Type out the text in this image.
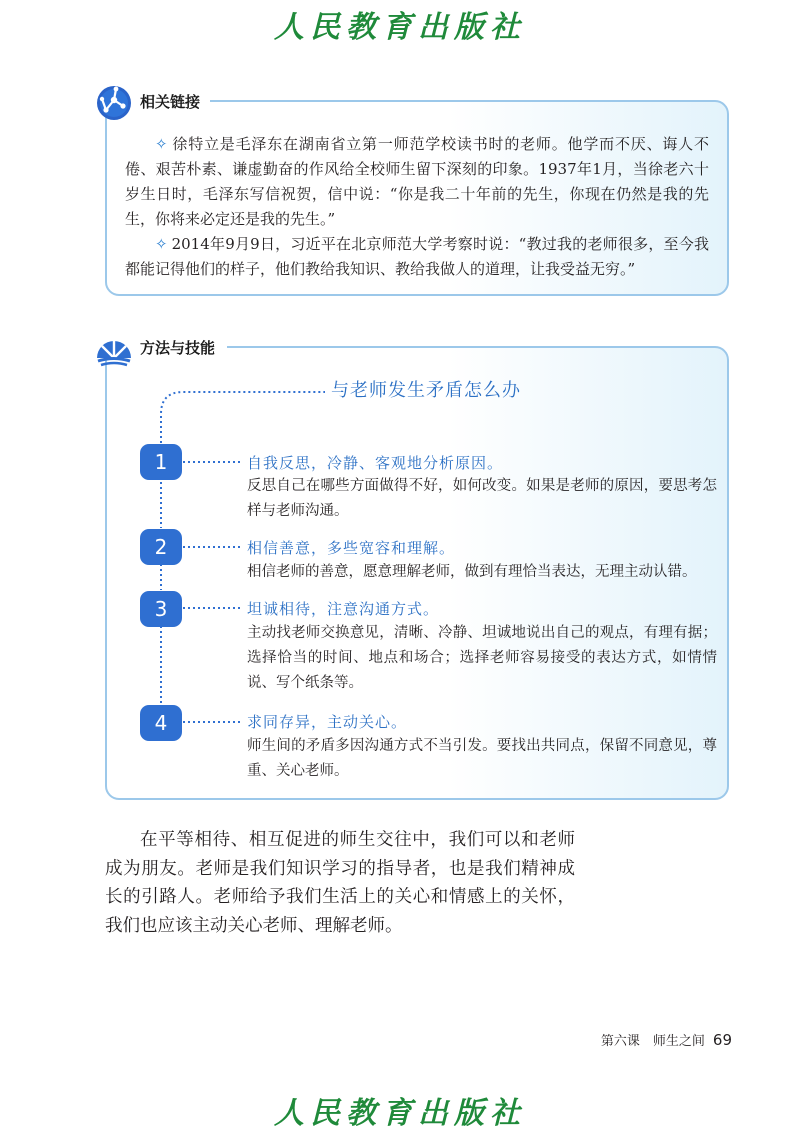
人民教育出版社

✧ 徐特立是毛泽东在湖南省立第一师范学校读书时的老师。他学而不厌、诲人不倦、艰苦朴素、谦虚勤奋的作风给全校师生留下深刻的印象。1937年1月，当徐老六十岁生日时，毛泽东写信祝贺，信中说：“你是我二十年前的先生，你现在仍然是我的先生，你将来必定还是我的先生。”

✧ 2014年9月9日，习近平在北京师范大学考察时说：“教过我的老师很多，至今我都能记得他们的样子，他们教给我知识、教给我做人的道理，让我受益无穷。”

相关链接
与老师发生矛盾怎么办
1	自我反思，冷静、客观地分析原因。
反思自己在哪些方面做得不好，如何改变。如果是老师的原因，要思考怎样与老师沟通。
2	相信善意，多些宽容和理解。
相信老师的善意，愿意理解老师，做到有理恰当表达，无理主动认错。
3	坦诚相待，注意沟通方式。
主动找老师交换意见，清晰、冷静、坦诚地说出自己的观点，有理有据；选择恰当的时间、地点和场合；选择老师容易接受的表达方式，如情情说、写个纸条等。
4	求同存异，主动关心。
师生间的矛盾多因沟通方式不当引发。要找出共同点，保留不同意见，尊重、关心老师。
方法与技能

在平等相待、相互促进的师生交往中，我们可以和老师成为朋友。老师是我们知识学习的指导者，也是我们精神成长的引路人。老师给予我们生活上的关心和情感上的关怀，我们也应该主动关心老师、理解老师。

第六课　师生之间 69
人民教育出版社
